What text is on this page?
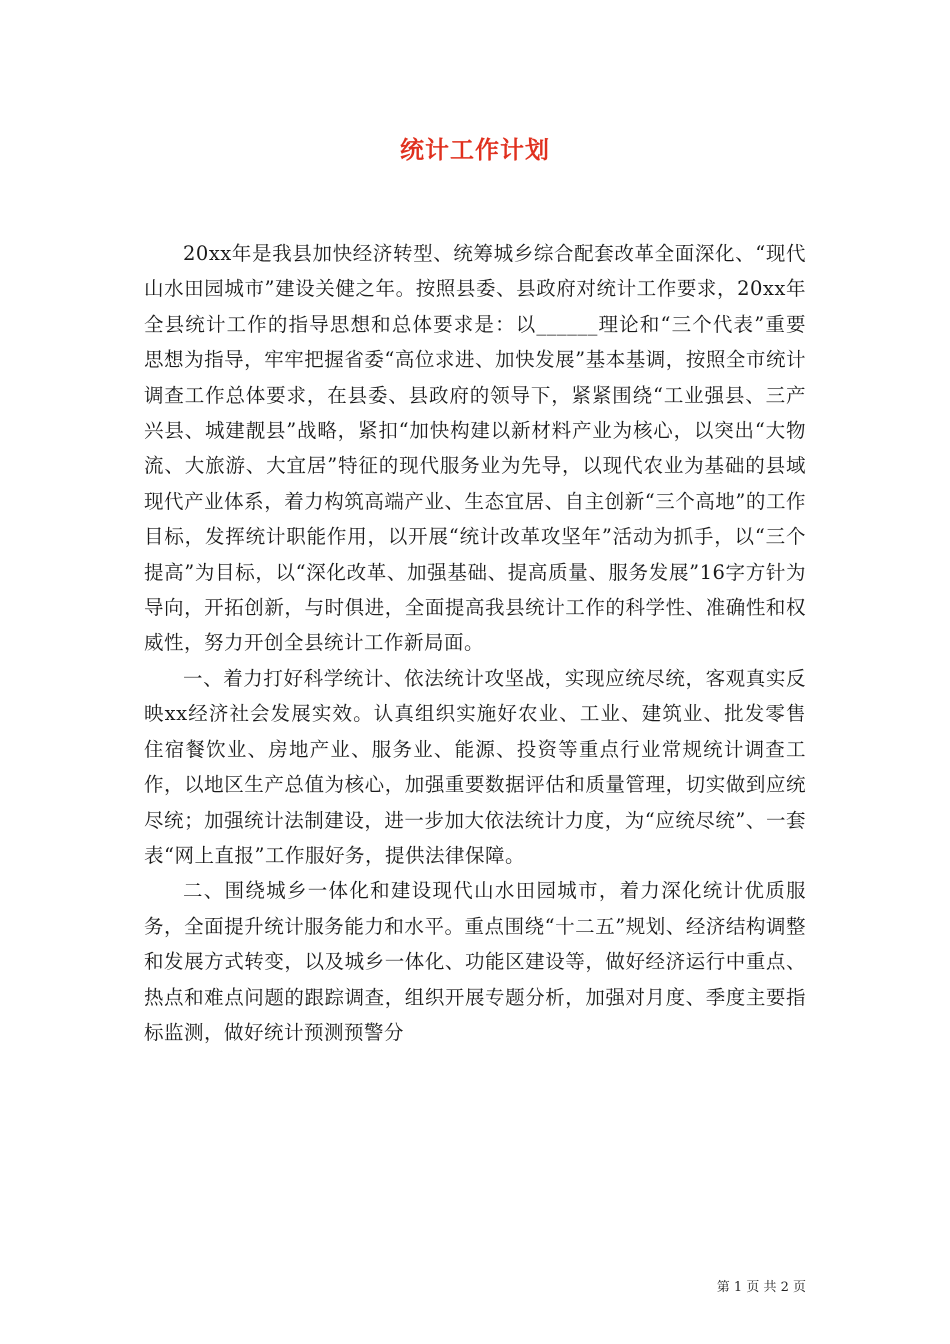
统计工作计划

20xx年是我县加快经济转型、统筹城乡综合配套改革全面深化、“现代山水田园城市”建设关健之年。按照县委、县政府对统计工作要求，20xx年全县统计工作的指导思想和总体要求是：以______理论和“三个代表”重要思想为指导，牢牢把握省委“高位求进、加快发展”基本基调，按照全市统计调查工作总体要求，在县委、县政府的领导下，紧紧围绕“工业强县、三产兴县、城建靓县”战略，紧扣“加快构建以新材料产业为核心，以突出“大物流、大旅游、大宜居”特征的现代服务业为先导，以现代农业为基础的县域现代产业体系，着力构筑高端产业、生态宜居、自主创新“三个高地”的工作目标，发挥统计职能作用，以开展“统计改革攻坚年”活动为抓手，以“三个提高”为目标，以“深化改革、加强基础、提高质量、服务发展”16字方针为导向，开拓创新，与时俱进，全面提高我县统计工作的科学性、准确性和权威性，努力开创全县统计工作新局面。

一、着力打好科学统计、依法统计攻坚战，实现应统尽统，客观真实反映xx经济社会发展实效。认真组织实施好农业、工业、建筑业、批发零售住宿餐饮业、房地产业、服务业、能源、投资等重点行业常规统计调查工作，以地区生产总值为核心，加强重要数据评估和质量管理，切实做到应统尽统；加强统计法制建设，进一步加大依法统计力度，为“应统尽统”、一套表“网上直报”工作服好务，提供法律保障。

二、围绕城乡一体化和建设现代山水田园城市，着力深化统计优质服务，全面提升统计服务能力和水平。重点围绕“十二五”规划、经济结构调整和发展方式转变，以及城乡一体化、功能区建设等，做好经济运行中重点、热点和难点问题的跟踪调查，组织开展专题分析，加强对月度、季度主要指标监测，做好统计预测预警分

第 1 页 共 2 页
